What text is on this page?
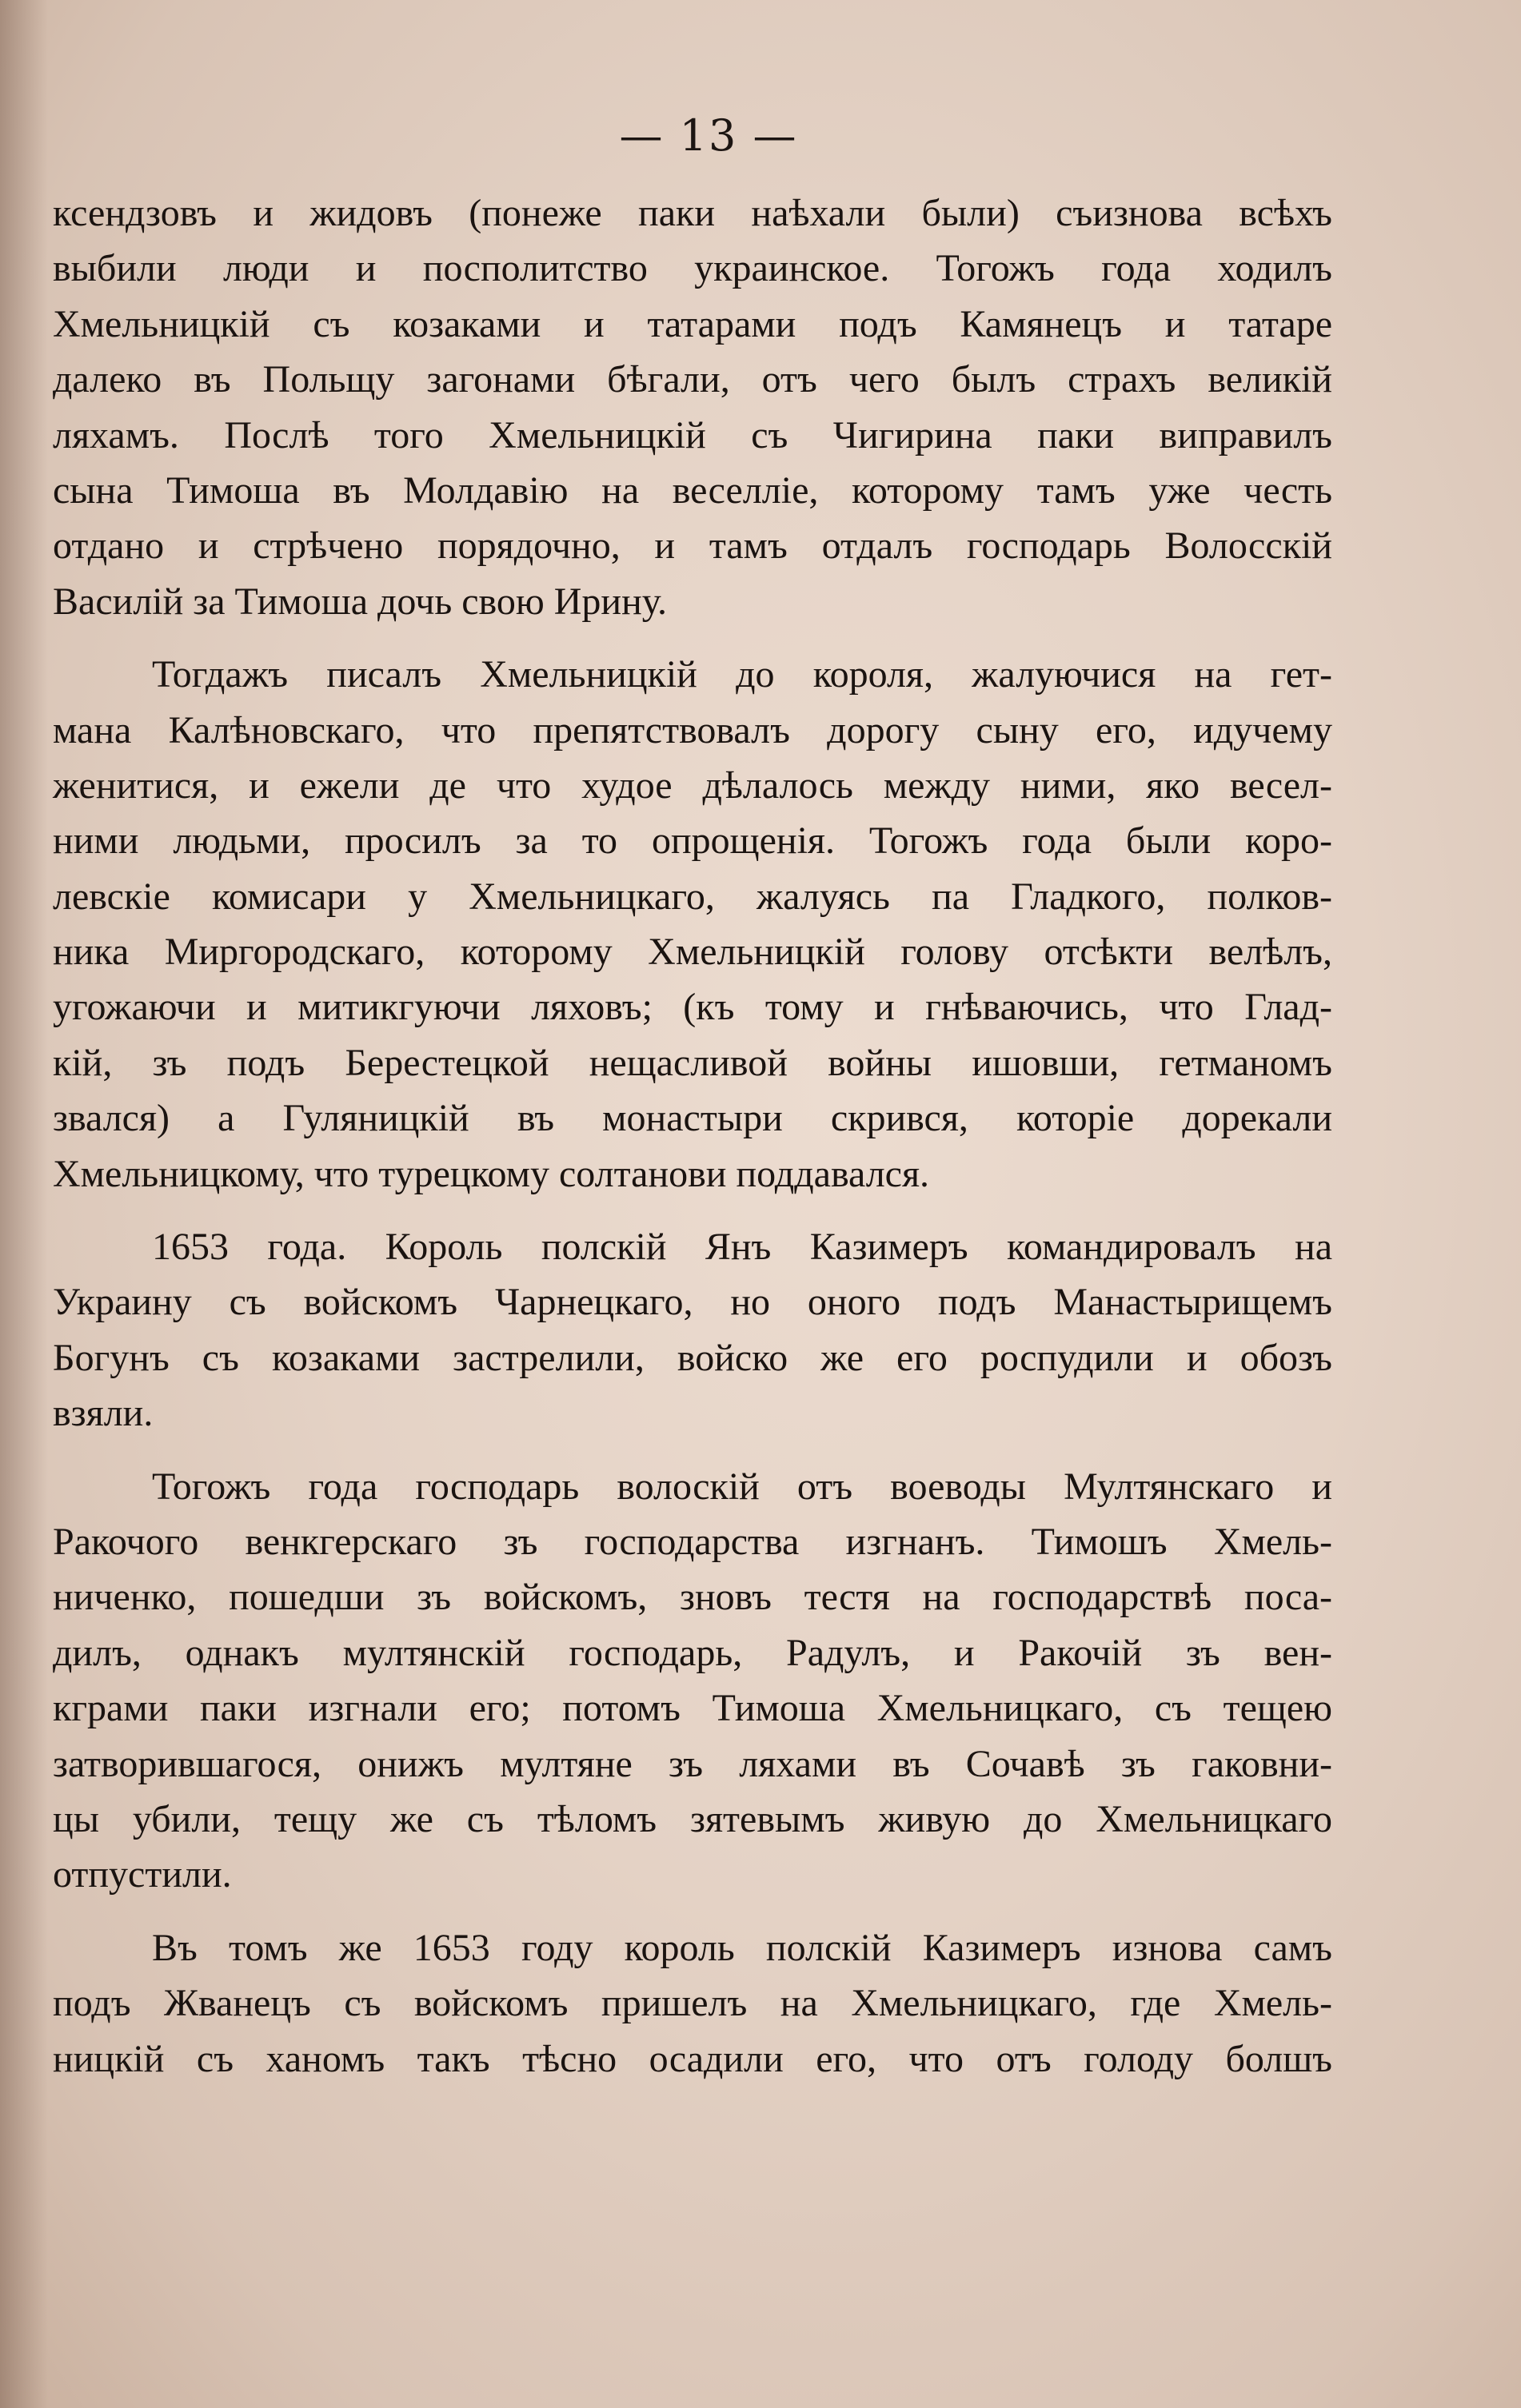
— 13 —
ксендзовъ и жидовъ (понеже паки наѣхали были) съизнова всѣхъ
выбили люди и посполитство украинское. Тогожъ года ходилъ
Хмельницкій съ козаками и татарами подъ Камянецъ и татаре
далеко въ Польщу загонами бѣгали, отъ чего былъ страхъ великій
ляхамъ. Послѣ того Хмельницкій съ Чигирина паки виправилъ
сына Тимоша въ Молдавію на веселліе, которому тамъ уже честь
отдано и стрѣчено порядочно, и тамъ отдалъ господарь Волосскій
Василій за Тимоша дочь свою Ирину.
Тогдажъ писалъ Хмельницкій до короля, жалуючися на гет-
мана Калѣновскаго, что препятствовалъ дорогу сыну его, идучему
женитися, и ежели де что худое дѣлалось между ними, яко весел-
ними людьми, просилъ за то опрощенія. Тогожъ года были коро-
левскіе комисари у Хмельницкаго, жалуясь па Гладкого, полков-
ника Миргородскаго, которому Хмельницкій голову отсѣкти велѣлъ,
угожаючи и митикгуючи ляховъ; (къ тому и гнѣваючись, что Глад-
кій, зъ подъ Берестецкой нещасливой войны ишовши, гетманомъ
звался) а Гуляницкій въ монастыри скрився, которіе дорекали
Хмельницкому, что турецкому солтанови поддавался.
1653 года. Король полскій Янъ Казимеръ командировалъ на
Украину съ войскомъ Чарнецкаго, но оного подъ Манастырищемъ
Богунъ съ козаками застрелили, войско же его роспудили и обозъ
взяли.
Тогожъ года господарь волоскій отъ воеводы Мултянскаго и
Ракочого венкгерскаго зъ господарства изгнанъ. Тимошъ Хмель-
ниченко, пошедши зъ войскомъ, зновъ тестя на господарствѣ поса-
дилъ, однакъ мултянскій господарь, Радулъ, и Ракочій зъ вен-
кграми паки изгнали его; потомъ Тимоша Хмельницкаго, съ тещею
затворившагося, онижъ мултяне зъ ляхами въ Сочавѣ зъ гаковни-
цы убили, тещу же съ тѣломъ зятевымъ живую до Хмельницкаго
отпустили.
Въ томъ же 1653 году король полскій Казимеръ изнова самъ
подъ Жванецъ съ войскомъ пришелъ на Хмельницкаго, где Хмель-
ницкій съ ханомъ такъ тѣсно осадили его, что отъ голоду болшъ
